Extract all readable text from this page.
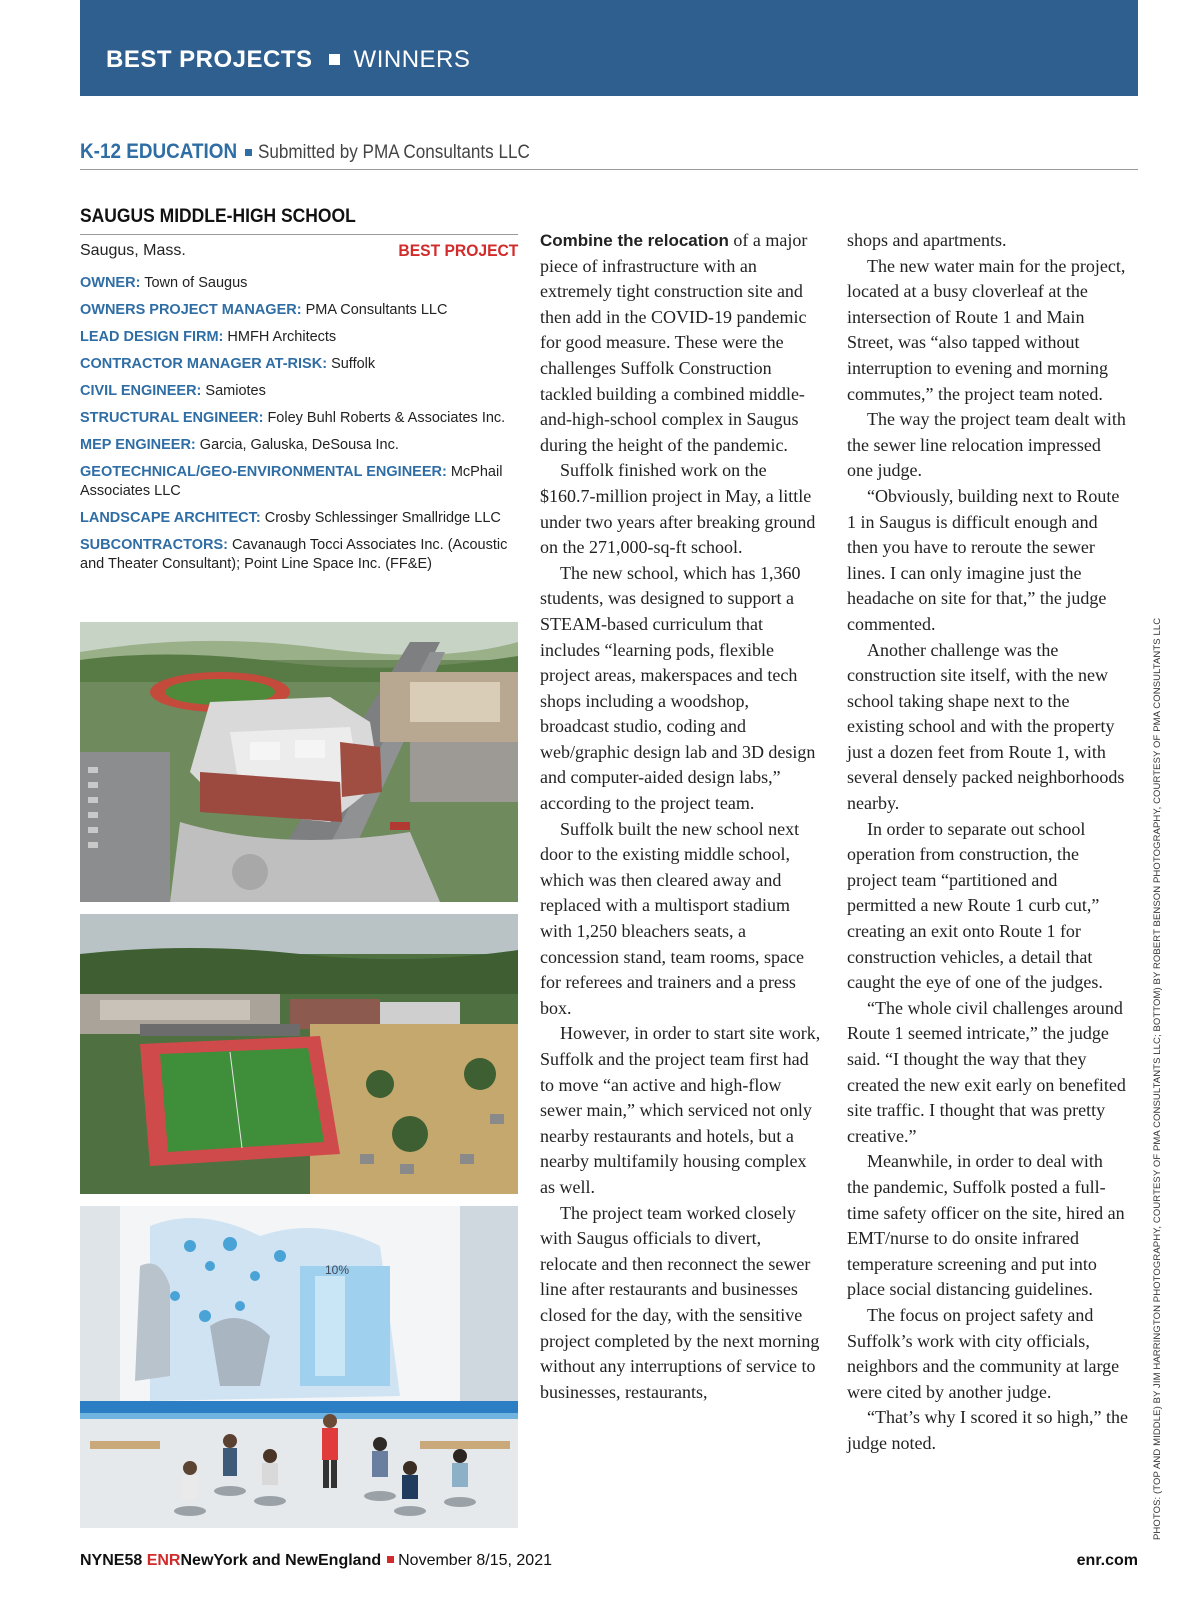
BEST PROJECTS WINNERS
K-12 EDUCATION Submitted by PMA Consultants LLC
SAUGUS MIDDLE-HIGH SCHOOL
Saugus, Mass.	BEST PROJECT
OWNER: Town of Saugus
OWNERS PROJECT MANAGER: PMA Consultants LLC
LEAD DESIGN FIRM: HMFH Architects
CONTRACTOR MANAGER AT-RISK: Suffolk
CIVIL ENGINEER: Samiotes
STRUCTURAL ENGINEER: Foley Buhl Roberts & Associates Inc.
MEP ENGINEER: Garcia, Galuska, DeSousa Inc.
GEOTECHNICAL/GEO-ENVIRONMENTAL ENGINEER: McPhail Associates LLC
LANDSCAPE ARCHITECT: Crosby Schlessinger Smallridge LLC
SUBCONTRACTORS: Cavanaugh Tocci Associates Inc. (Acoustic and Theater Consultant); Point Line Space Inc. (FF&E)
10%

Combine the relocation of a major piece of infrastructure with an extremely tight construction site and then add in the COVID-19 pandemic for good measure. These were the challenges Suffolk Construction tackled building a combined middle-and-high-school complex in Saugus during the height of the pandemic.

Suffolk finished work on the $160.7-million project in May, a little under two years after breaking ground on the 271,000-sq-ft school.

The new school, which has 1,360 students, was designed to support a STEAM-based curriculum that includes “learning pods, flexible project areas, makerspaces and tech shops including a woodshop, broadcast studio, coding and web/graphic design lab and 3D design and computer-aided design labs,” according to the project team.

Suffolk built the new school next door to the existing middle school, which was then cleared away and replaced with a multisport stadium with 1,250 bleachers seats, a concession stand, team rooms, space for referees and trainers and a press box.

However, in order to start site work, Suffolk and the project team first had to move “an active and high-flow sewer main,” which serviced not only nearby restaurants and hotels, but a nearby multifamily housing complex as well.

The project team worked closely with Saugus officials to divert, relocate and then reconnect the sewer line after restaurants and businesses closed for the day, with the sensitive project completed by the next morning without any interruptions of service to businesses, restaurants,

shops and apartments.

The new water main for the project, located at a busy cloverleaf at the intersection of Route 1 and Main Street, was “also tapped without interruption to evening and morning commutes,” the project team noted.

The way the project team dealt with the sewer line relocation impressed one judge.

“Obviously, building next to Route 1 in Saugus is difficult enough and then you have to reroute the sewer lines. I can only imagine just the headache on site for that,” the judge commented.

Another challenge was the construction site itself, with the new school taking shape next to the existing school and with the property just a dozen feet from Route 1, with several densely packed neighborhoods nearby.

In order to separate out school operation from construction, the project team “partitioned and permitted a new Route 1 curb cut,” creating an exit onto Route 1 for construction vehicles, a detail that caught the eye of one of the judges.

“The whole civil challenges around Route 1 seemed intricate,” the judge said. “I thought the way that they created the new exit early on benefited site traffic. I thought that was pretty creative.”

Meanwhile, in order to deal with the pandemic, Suffolk posted a full-time safety officer on the site, hired an EMT/nurse to do onsite infrared temperature screening and put into place social distancing guidelines.

The focus on project safety and Suffolk’s work with city officials, neighbors and the community at large were cited by another judge.

“That’s why I scored it so high,” the judge noted.	PHOTOS: (TOP AND MIDDLE) BY JIM HARRINGTON PHOTOGRAPHY, COURTESY OF PMA CONSULTANTS LLC; BOTTOM) BY ROBERT BENSON PHOTOGRAPHY, COURTESY OF PMA CONSULTANTS LLC
NYNE58 ENRNewYork and NewEngland November 8/15, 2021	enr.com
